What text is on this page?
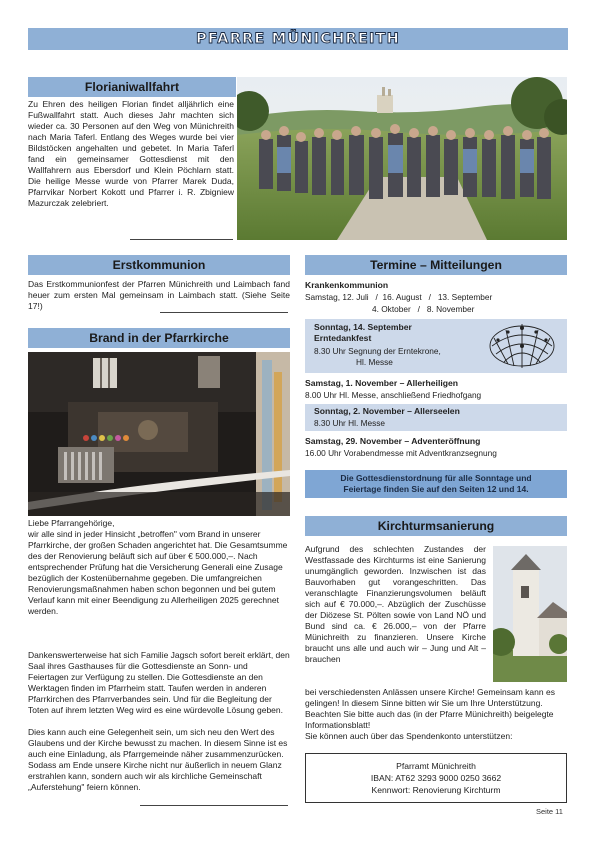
PFARRE MÜNICHREITH
Florianiwallfahrt

Zu Ehren des heiligen Florian findet alljährlich eine Fußwallfahrt statt. Auch dieses Jahr machten sich wieder ca. 30 Personen auf den Weg von Münichreith nach Maria Taferl. Entlang des Weges wurde bei vier Bildstöcken angehalten und gebetet. In Maria Taferl fand ein gemeinsamer Gottesdienst mit den Wallfahrern aus Ebersdorf und Klein Pöchlarn statt. Die heilige Messe wurde von Pfarrer Marek Duda, Pfarrvikar Norbert Kokott und Pfarrer i. R. Zbigniew Mazurczak zelebriert.

Erstkommunion

Das Erstkommunionfest der Pfarren Münichreith und Laimbach fand heuer zum ersten Mal gemeinsam in Laimbach statt. (Siehe Seite 17!)

Brand in der Pfarrkirche

Liebe Pfarrangehörige,
wir alle sind in jeder Hinsicht „betroffen" vom Brand in unserer Pfarrkirche, der großen Schaden angerichtet hat. Die Gesamtsumme des der Renovierung beläuft sich auf über € 500.000,–. Nach entsprechender Prüfung hat die Versicherung Generali eine Zusage bezüglich der Kostenübernahme gegeben. Die umfangreichen Renovierungsmaßnahmen haben schon begonnen und bei gutem Verlauf kann mit einer Beendigung zu Allerheiligen 2025 gerechnet werden.

Dankenswerterweise hat sich Familie Jagsch sofort bereit erklärt, den Saal ihres Gasthauses für die Gottesdienste an Sonn- und Feiertagen zur Verfügung zu stellen. Die Gottesdienste an den Werktagen finden im Pfarrheim statt. Taufen werden in anderen Pfarrkirchen des Pfarrverbandes sein. Und für die Begleitung der Toten auf ihrem letzten Weg wird es eine würdevolle Lösung geben.

Dies kann auch eine Gelegenheit sein, um sich neu den Wert des Glaubens und der Kirche bewusst zu machen. In diesem Sinne ist es auch eine Einladung, als Pfarrgemeinde näher zusammenzurücken. Sodass am Ende unsere Kirche nicht nur äußerlich in neuem Glanz erstrahlen kann, sondern auch wir als kirchliche Gemeinschaft „Auferstehung" feiern können.

Termine – Mitteilungen

Krankenkommunion

Samstag, 12. Juli   /  16. August   /   13. September

4. Oktober   /   8. November

Sonntag, 14. September

Erntedankfest

8.30 Uhr Segnung der Erntekrone,

Hl. Messe

Samstag, 1. November – Allerheiligen

8.00 Uhr Hl. Messe, anschließend Friedhofgang

Sonntag, 2. November – Allerseelen

8.30 Uhr Hl. Messe

Samstag, 29. November – Adventeröffnung

16.00 Uhr Vorabendmesse mit Adventkranzsegnung

Die Gottesdienstordnung für alle Sonntage und
Feiertage finden Sie auf den Seiten 12 und 14.
Kirchturmsanierung

Aufgrund des schlechten Zustandes der Westfassade des Kirchturms ist eine Sanierung unumgänglich geworden. Inzwischen ist das Bauvorhaben gut vorangeschritten. Das veranschlagte Finanzierungsvolumen beläuft sich auf € 70.000,–. Abzüglich der Zuschüsse der Diözese St. Pölten sowie von Land NÖ und Bund sind ca. € 26.000,– von der Pfarre Münichreith zu finanzieren. Unsere Kirche braucht uns alle und auch wir – Jung und Alt – brauchen

bei verschiedensten Anlässen unsere Kirche! Gemeinsam kann es gelingen! In diesem Sinne bitten wir Sie um Ihre Unterstützung. Beachten Sie bitte auch das (in der Pfarre Münichreith) beigelegte Informationsblatt!
Sie können auch über das Spendenkonto unterstützen:

Pfarramt Münichreith
IBAN: AT62 3293 9000 0250 3662
Kennwort: Renovierung Kirchturm
Seite 11
